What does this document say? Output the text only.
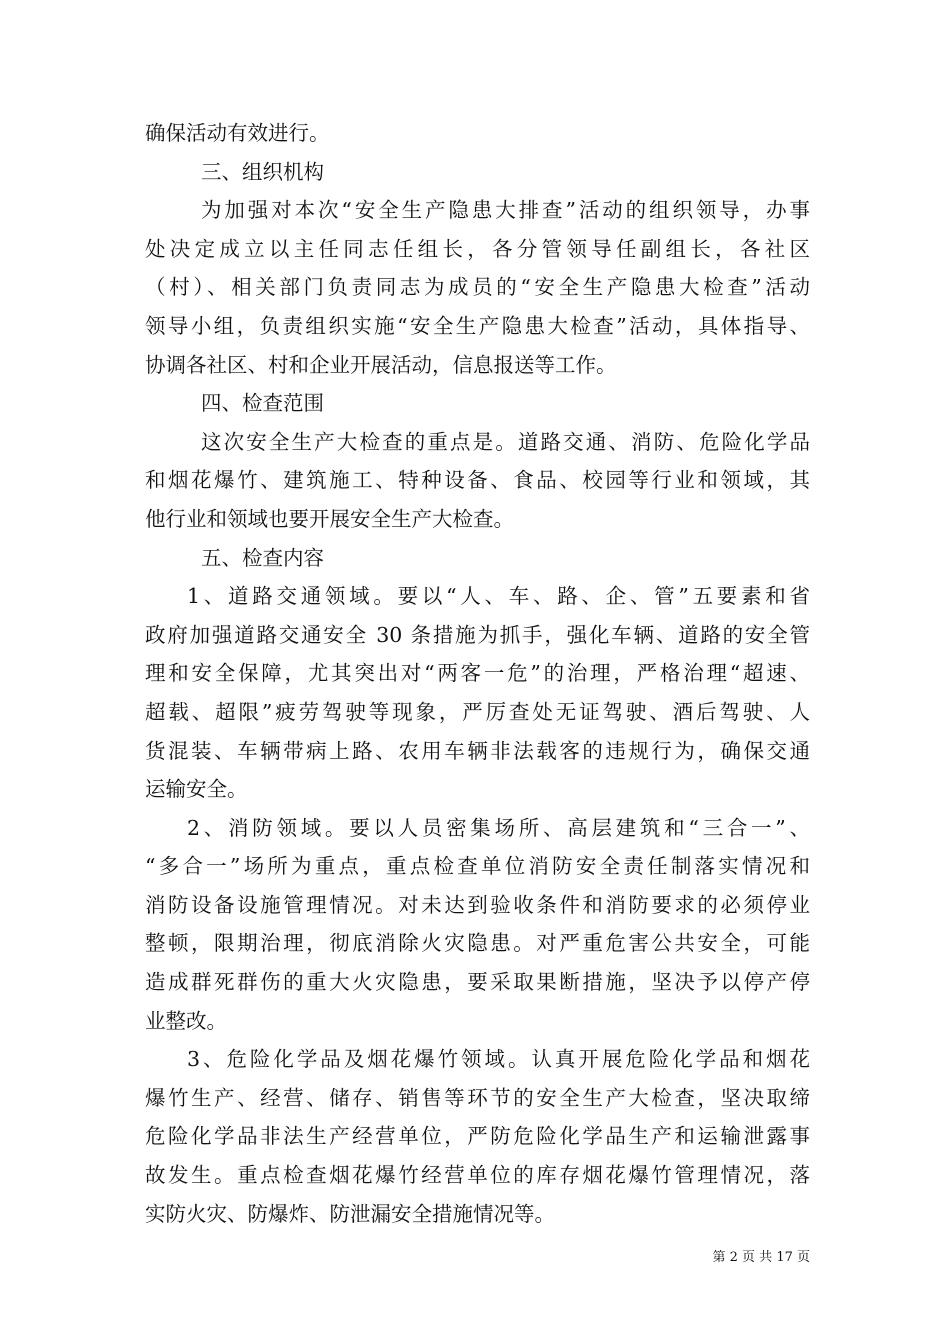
确保活动有效进行。
三、组织机构
为加强对本次“安全生产隐患大排查”活动的组织领导，办事
处决定成立以主任同志任组长，各分管领导任副组长，各社区
（村）、相关部门负责同志为成员的“安全生产隐患大检查”活动
领导小组，负责组织实施“安全生产隐患大检查”活动，具体指导、
协调各社区、村和企业开展活动，信息报送等工作。
四、检查范围
这次安全生产大检查的重点是。道路交通、消防、危险化学品
和烟花爆竹、建筑施工、特种设备、食品、校园等行业和领域，其
他行业和领域也要开展安全生产大检查。
五、检查内容
1、道路交通领域。要以“人、车、路、企、管”五要素和省
政府加强道路交通安全 30 条措施为抓手，强化车辆、道路的安全管
理和安全保障，尤其突出对“两客一危”的治理，严格治理“超速、
超载、超限”疲劳驾驶等现象，严厉查处无证驾驶、酒后驾驶、人
货混装、车辆带病上路、农用车辆非法载客的违规行为，确保交通
运输安全。
2、消防领域。要以人员密集场所、高层建筑和“三合一”、
“多合一”场所为重点，重点检查单位消防安全责任制落实情况和
消防设备设施管理情况。对未达到验收条件和消防要求的必须停业
整顿，限期治理，彻底消除火灾隐患。对严重危害公共安全，可能
造成群死群伤的重大火灾隐患，要采取果断措施，坚决予以停产停
业整改。
3、危险化学品及烟花爆竹领域。认真开展危险化学品和烟花
爆竹生产、经营、储存、销售等环节的安全生产大检查，坚决取缔
危险化学品非法生产经营单位，严防危险化学品生产和运输泄露事
故发生。重点检查烟花爆竹经营单位的库存烟花爆竹管理情况，落
实防火灾、防爆炸、防泄漏安全措施情况等。
第 2 页 共 17 页
